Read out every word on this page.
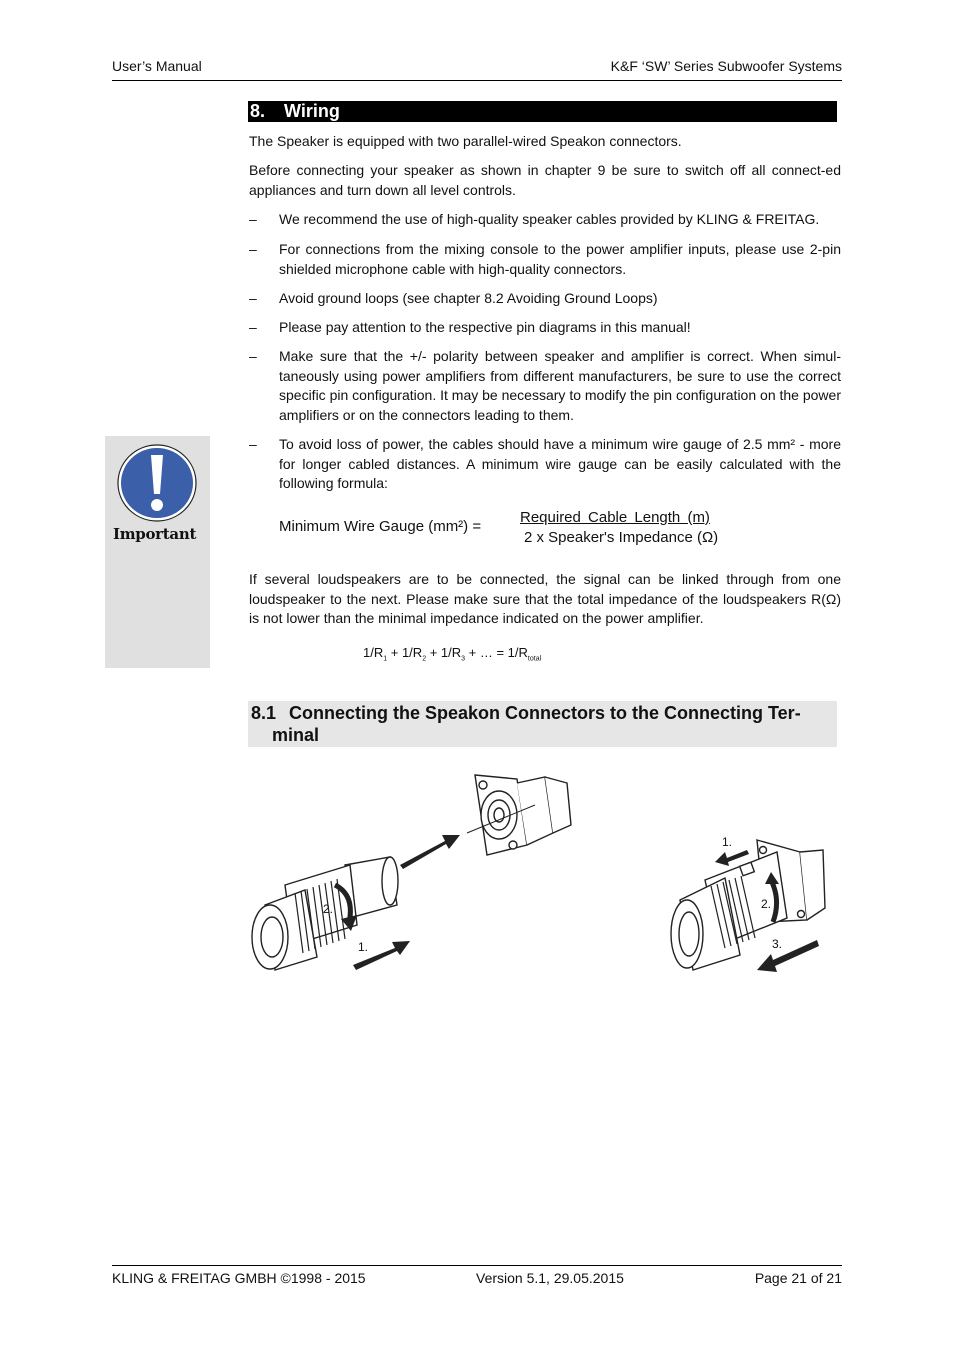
User’s Manual	K&F ‘SW’ Series Subwoofer Systems
8. Wiring
The Speaker is equipped with two parallel-wired Speakon connectors.
Before connecting your speaker as shown in chapter 9 be sure to switch off all connect-ed appliances and turn down all level controls.
– We recommend the use of high-quality speaker cables provided by KLING & FREITAG.
– For connections from the mixing console to the power amplifier inputs, please use 2-pin shielded microphone cable with high-quality connectors.
– Avoid ground loops (see chapter 8.2 Avoiding Ground Loops)
– Please pay attention to the respective pin diagrams in this manual!
– Make sure that the +/- polarity between speaker and amplifier is correct. When simul-taneously using power amplifiers from different manufacturers, be sure to use the correct specific pin configuration. It may be necessary to modify the pin configuration on the power amplifiers or on the connectors leading to them.
Important
– To avoid loss of power, the cables should have a minimum wire gauge of 2.5 mm² - more for longer cabled distances. A minimum wire gauge can be easily calculated with the following formula:
Minimum Wire Gauge (mm²) =
Required Cable Length (m)
2 x Speaker's Impedance (Ω)
If several loudspeakers are to be connected, the signal can be linked through from one loudspeaker to the next. Please make sure that the total impedance of the loudspeakers R(Ω) is not lower than the minimal impedance indicated on the power amplifier.
$1/R_1 + 1/R_2 + 1/R_3$ + … = $1/R_{total}$
8.1 Connecting the Speakon Connectors to the Connecting Ter-
minal
2.
1.
1.
2.
3.
KLING & FREITAG GMBH ©1998 - 2015	Version 5.1, 29.05.2015	Page 21 of 21
